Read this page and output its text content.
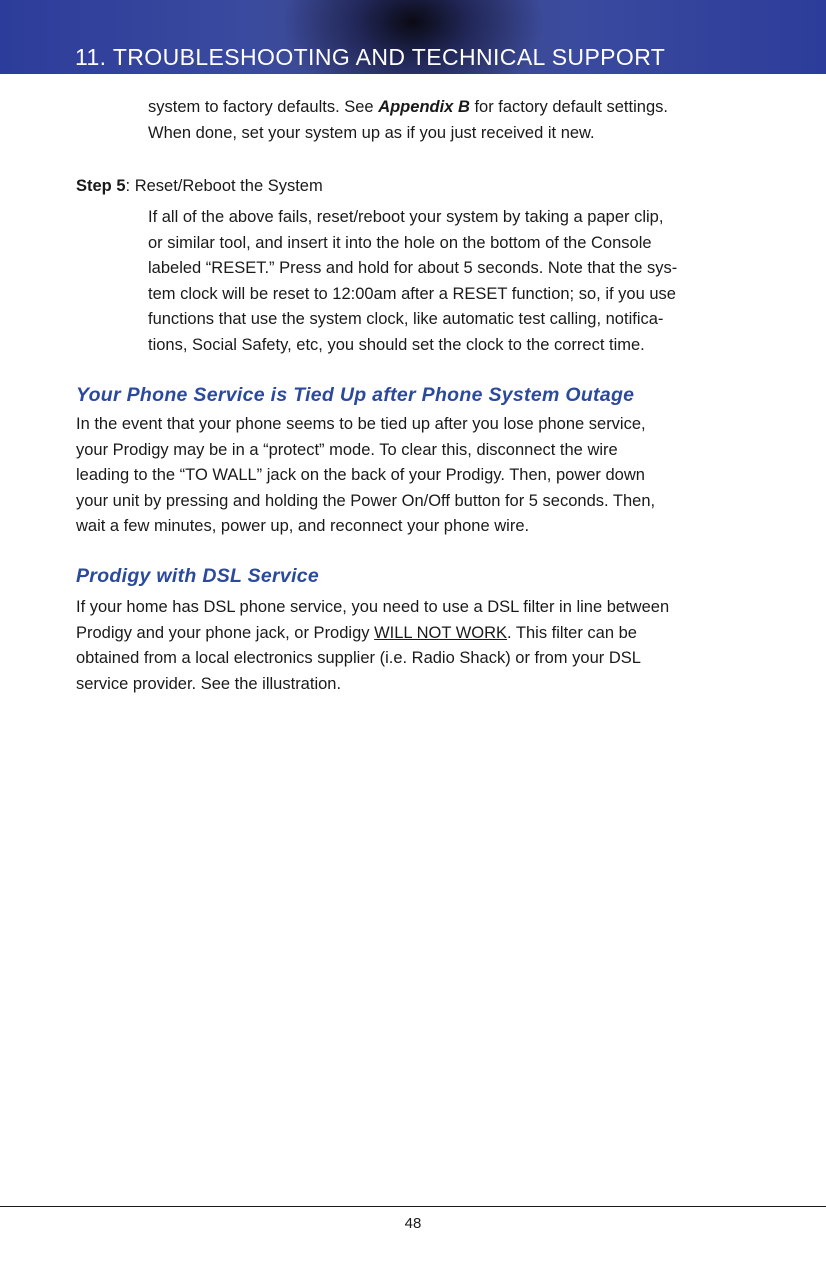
11. TROUBLESHOOTING AND TECHNICAL SUPPORT
system to factory defaults. See Appendix B for factory default settings.
When done, set your system up as if you just received it new.
Step 5: Reset/Reboot the System
If all of the above fails, reset/reboot your system by taking a paper clip,
or similar tool, and insert it into the hole on the bottom of the Console
labeled “RESET.” Press and hold for about 5 seconds. Note that the sys-
tem clock will be reset to 12:00am after a RESET function; so, if you use
functions that use the system clock, like automatic test calling, notifica-
tions, Social Safety, etc, you should set the clock to the correct time.
Your Phone Service is Tied Up after Phone System Outage
In the event that your phone seems to be tied up after you lose phone service,
your Prodigy may be in a “protect” mode. To clear this, disconnect the wire
leading to the “TO WALL” jack on the back of your Prodigy. Then, power down
your unit by pressing and holding the Power On/Off button for 5 seconds. Then,
wait a few minutes, power up, and reconnect your phone wire.
Prodigy with DSL Service
If your home has DSL phone service, you need to use a DSL filter in line between
Prodigy and your phone jack, or Prodigy WILL NOT WORK. This filter can be
obtained from a local electronics supplier (i.e. Radio Shack) or from your DSL
service provider. See the illustration.
48
